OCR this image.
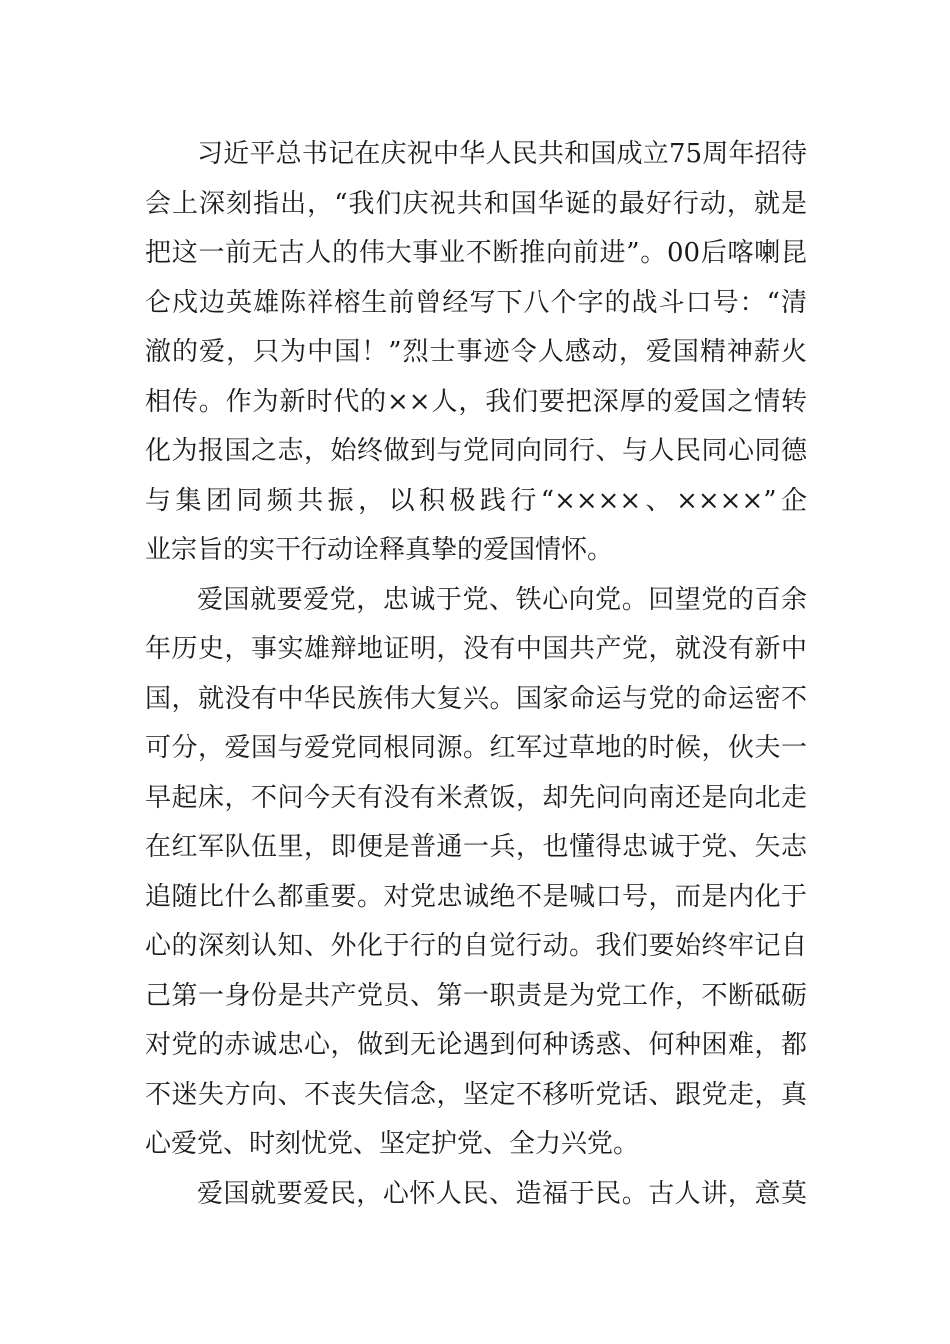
习近平总书记在庆祝中华人民共和国成立75周年招待
会上深刻指出，“我们庆祝共和国华诞的最好行动，就是
把这一前无古人的伟大事业不断推向前进”。00后喀喇昆
仑戍边英雄陈祥榕生前曾经写下八个字的战斗口号：“清
澈的爱，只为中国！”烈士事迹令人感动，爱国精神薪火
相传。作为新时代的××人，我们要把深厚的爱国之情转
化为报国之志，始终做到与党同向同行、与人民同心同德
与集团同频共振，以积极践行“××××、××××”企
业宗旨的实干行动诠释真挚的爱国情怀。
爱国就要爱党，忠诚于党、铁心向党。回望党的百余
年历史，事实雄辩地证明，没有中国共产党，就没有新中
国，就没有中华民族伟大复兴。国家命运与党的命运密不
可分，爱国与爱党同根同源。红军过草地的时候，伙夫一
早起床，不问今天有没有米煮饭，却先问向南还是向北走
在红军队伍里，即便是普通一兵，也懂得忠诚于党、矢志
追随比什么都重要。对党忠诚绝不是喊口号，而是内化于
心的深刻认知、外化于行的自觉行动。我们要始终牢记自
己第一身份是共产党员、第一职责是为党工作，不断砥砺
对党的赤诚忠心，做到无论遇到何种诱惑、何种困难，都
不迷失方向、不丧失信念，坚定不移听党话、跟党走，真
心爱党、时刻忧党、坚定护党、全力兴党。
爱国就要爱民，心怀人民、造福于民。古人讲，意莫
